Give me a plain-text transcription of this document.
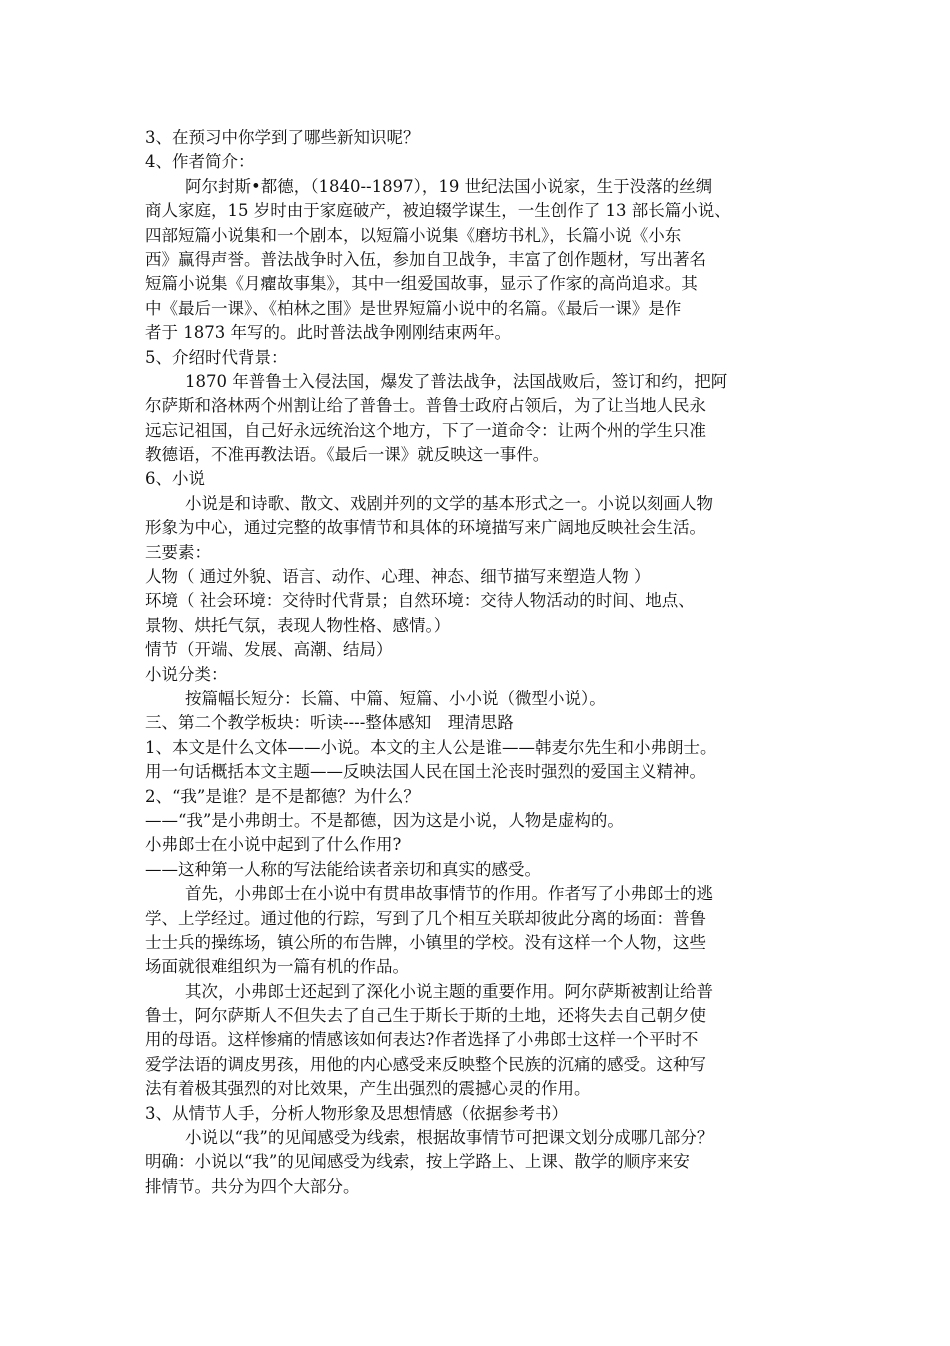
3、在预习中你学到了哪些新知识呢？
4、作者简介：
阿尔封斯•都德，（1840--1897），19 世纪法国小说家，生于没落的丝绸
商人家庭，15 岁时由于家庭破产，被迫辍学谋生，一生创作了 13 部长篇小说、
四部短篇小说集和一个剧本，以短篇小说集《磨坊书札》，长篇小说《小东
西》赢得声誉。普法战争时入伍，参加自卫战争，丰富了创作题材，写出著名
短篇小说集《月癯故事集》，其中一组爱国故事，显示了作家的高尚追求。其
中《最后一课》、《柏林之围》是世界短篇小说中的名篇。《最后一课》是作
者于 1873 年写的。此时普法战争刚刚结束两年。
5、介绍时代背景：
1870 年普鲁士入侵法国，爆发了普法战争，法国战败后，签订和约，把阿
尔萨斯和洛林两个州割让给了普鲁士。普鲁士政府占领后，为了让当地人民永
远忘记祖国，自己好永远统治这个地方，下了一道命令：让两个州的学生只准
教德语，不准再教法语。《最后一课》就反映这一事件。
6、小说
小说是和诗歌、散文、戏剧并列的文学的基本形式之一。小说以刻画人物
形象为中心，通过完整的故事情节和具体的环境描写来广阔地反映社会生活。
三要素：
人物（ 通过外貌、语言、动作、心理、神态、细节描写来塑造人物 ）
环境（ 社会环境：交待时代背景；自然环境：交待人物活动的时间、地点、
景物、烘托气氛，表现人物性格、感情。）
情节（开端、发展、高潮、结局）
小说分类：
按篇幅长短分：长篇、中篇、短篇、小小说（微型小说）。
三、第二个教学板块：听读----整体感知　理清思路
1、本文是什么文体——小说。本文的主人公是谁——韩麦尔先生和小弗朗士。
用一句话概括本文主题——反映法国人民在国土沦丧时强烈的爱国主义精神。
2、“我”是谁？是不是都德？为什么？
——“我”是小弗朗士。不是都德，因为这是小说，人物是虚构的。
小弗郎士在小说中起到了什么作用?
——这种第一人称的写法能给读者亲切和真实的感受。
首先，小弗郎士在小说中有贯串故事情节的作用。作者写了小弗郎士的逃
学、上学经过。通过他的行踪，写到了几个相互关联却彼此分离的场面：普鲁
士士兵的操练场，镇公所的布告牌，小镇里的学校。没有这样一个人物，这些
场面就很难组织为一篇有机的作品。
其次，小弗郎士还起到了深化小说主题的重要作用。阿尔萨斯被割让给普
鲁士，阿尔萨斯人不但失去了自己生于斯长于斯的土地，还将失去自己朝夕使
用的母语。这样惨痛的情感该如何表达?作者选择了小弗郎士这样一个平时不
爱学法语的调皮男孩，用他的内心感受来反映整个民族的沉痛的感受。这种写
法有着极其强烈的对比效果，产生出强烈的震撼心灵的作用。
3、从情节人手，分析人物形象及思想情感（依据参考书）
小说以“我”的见闻感受为线索，根据故事情节可把课文划分成哪几部分？
明确：小说以“我”的见闻感受为线索，按上学路上、上课、散学的顺序来安
排情节。共分为四个大部分。
